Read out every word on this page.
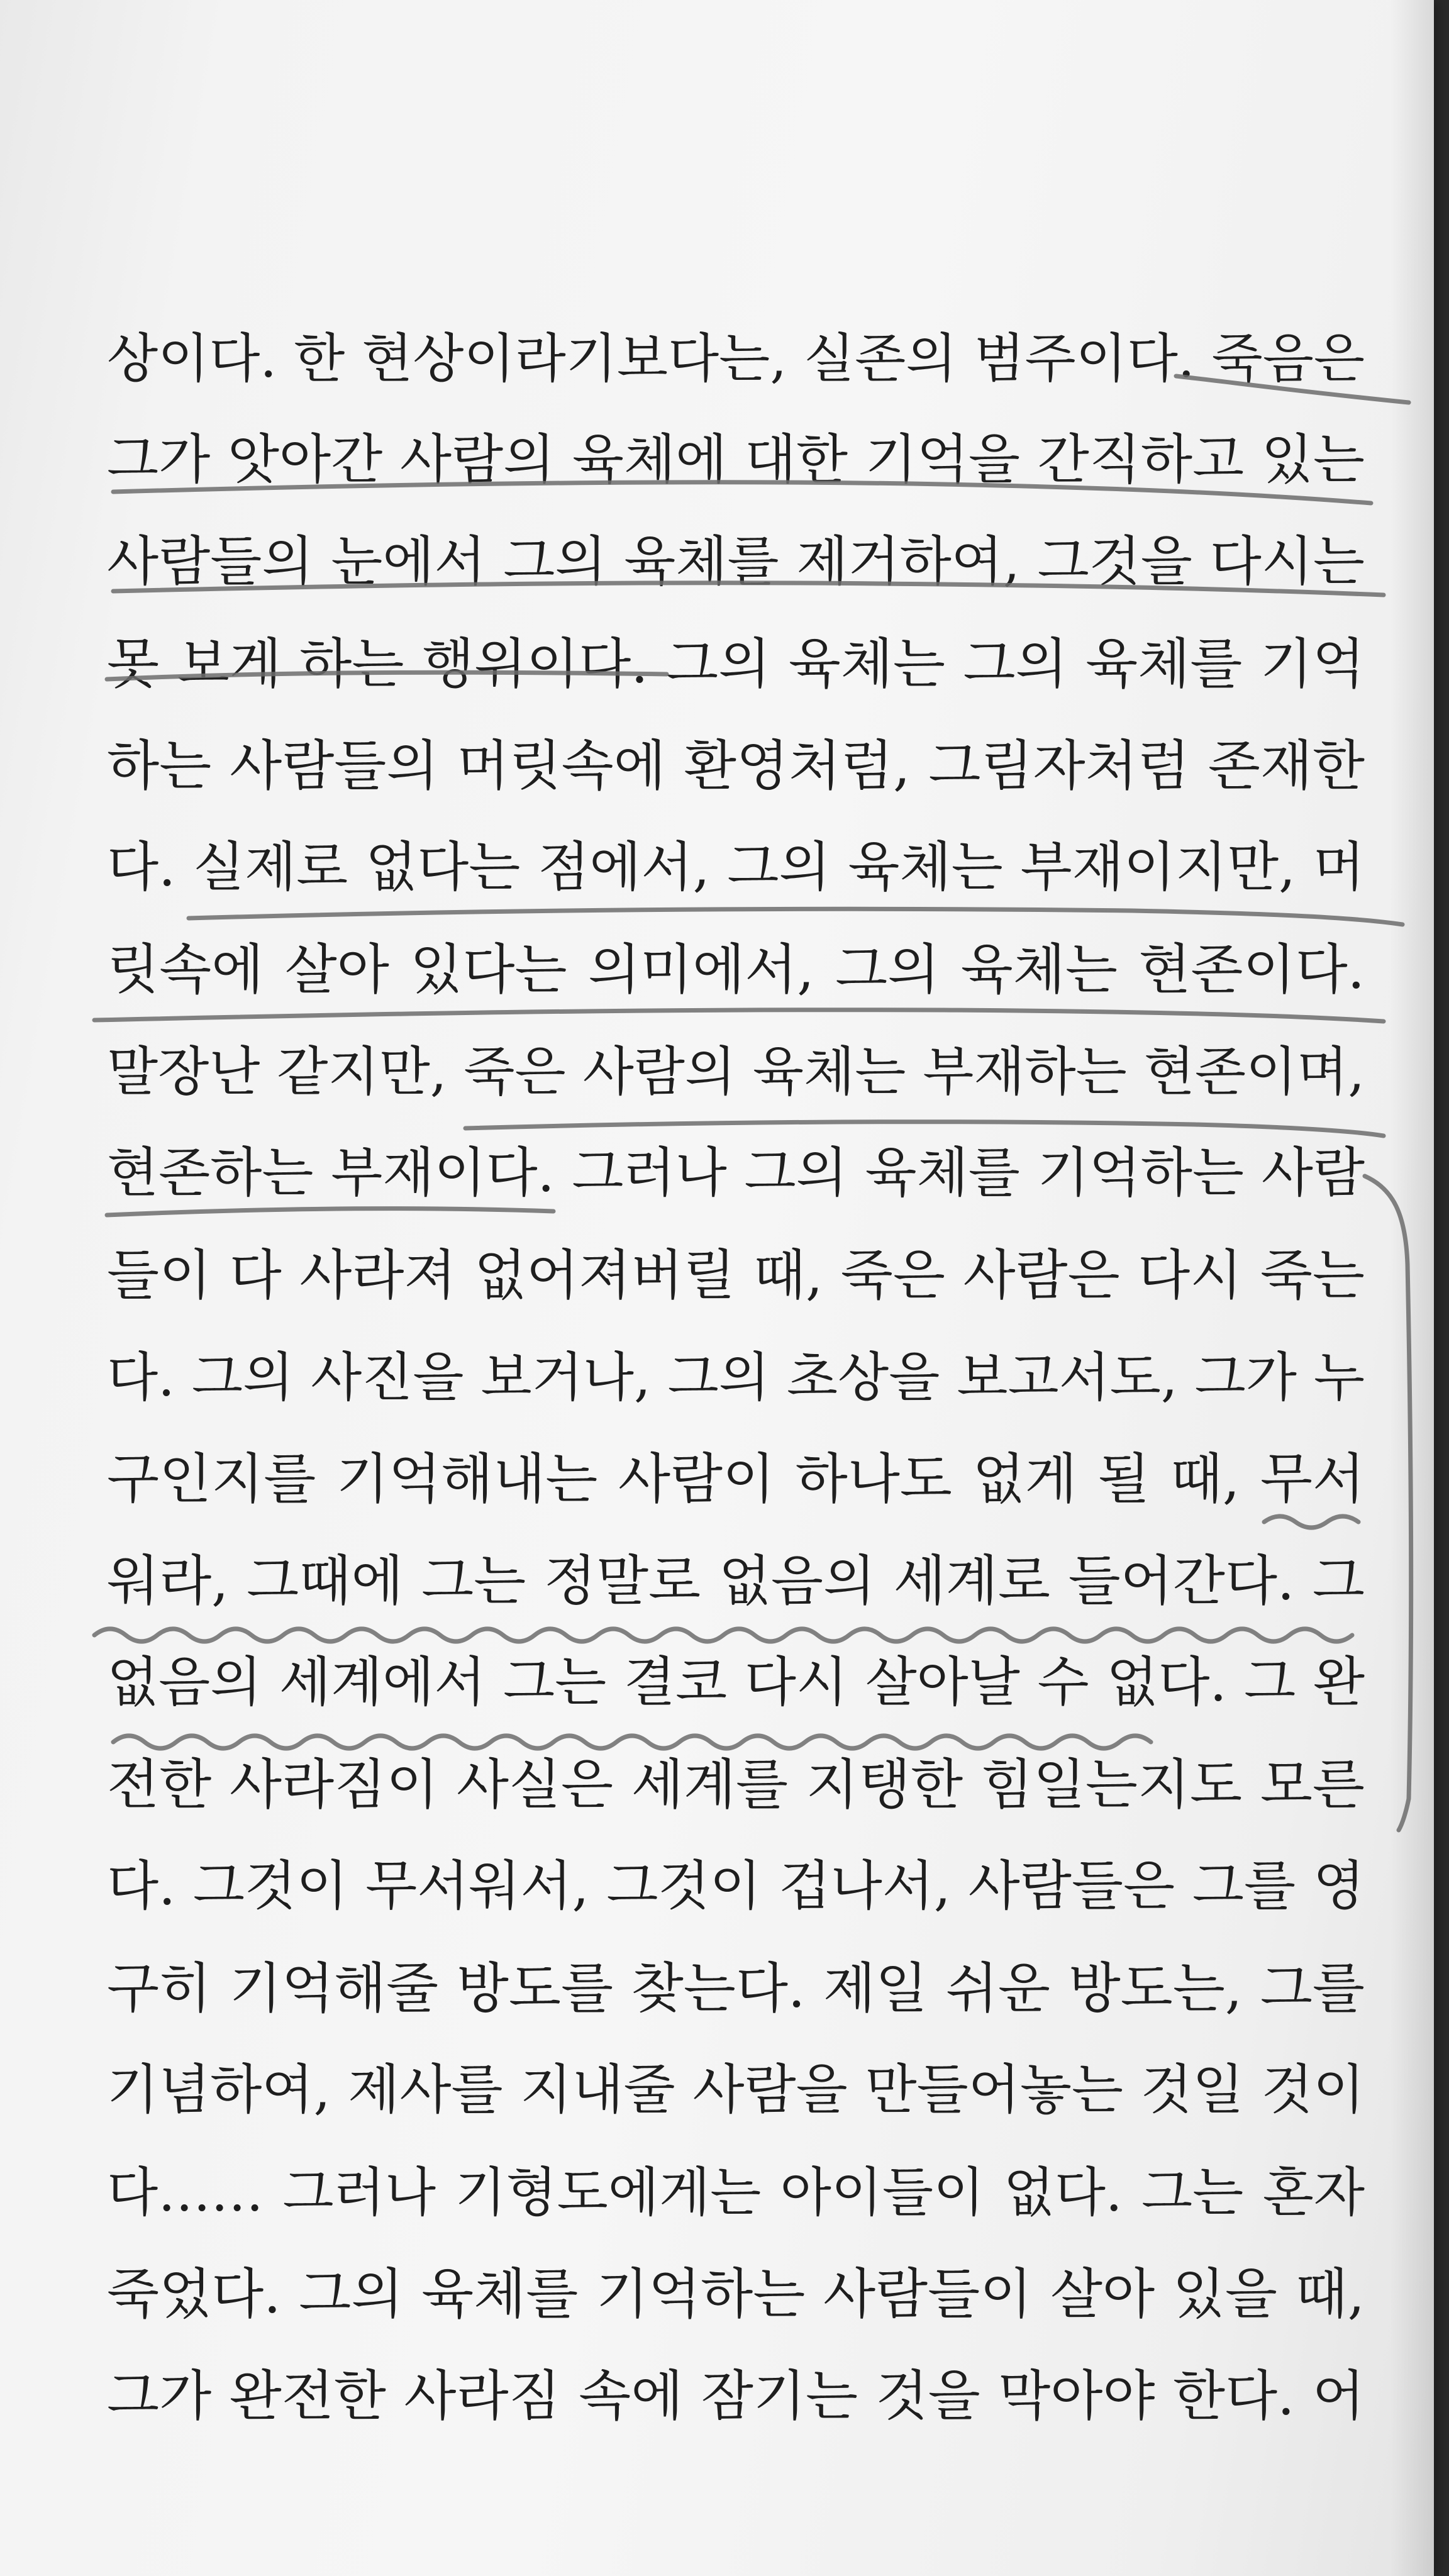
상이다. 한 현상이라기보다는, 실존의 범주이다. 죽음은
그가 앗아간 사람의 육체에 대한 기억을 간직하고 있는
사람들의 눈에서 그의 육체를 제거하여, 그것을 다시는
못 보게 하는 행위이다. 그의 육체는 그의 육체를 기억
하는 사람들의 머릿속에 환영처럼, 그림자처럼 존재한
다. 실제로 없다는 점에서, 그의 육체는 부재이지만, 머
릿속에 살아 있다는 의미에서, 그의 육체는 현존이다.
말장난 같지만, 죽은 사람의 육체는 부재하는 현존이며,
현존하는 부재이다. 그러나 그의 육체를 기억하는 사람
들이 다 사라져 없어져버릴 때, 죽은 사람은 다시 죽는
다. 그의 사진을 보거나, 그의 초상을 보고서도, 그가 누
구인지를 기억해내는 사람이 하나도 없게 될 때, 무서
워라, 그때에 그는 정말로 없음의 세계로 들어간다. 그
없음의 세계에서 그는 결코 다시 살아날 수 없다. 그 완
전한 사라짐이 사실은 세계를 지탱한 힘일는지도 모른
다. 그것이 무서워서, 그것이 겁나서, 사람들은 그를 영
구히 기억해줄 방도를 찾는다. 제일 쉬운 방도는, 그를
기념하여, 제사를 지내줄 사람을 만들어놓는 것일 것이
다…… 그러나 기형도에게는 아이들이 없다. 그는 혼자
죽었다. 그의 육체를 기억하는 사람들이 살아 있을 때,
그가 완전한 사라짐 속에 잠기는 것을 막아야 한다. 어
